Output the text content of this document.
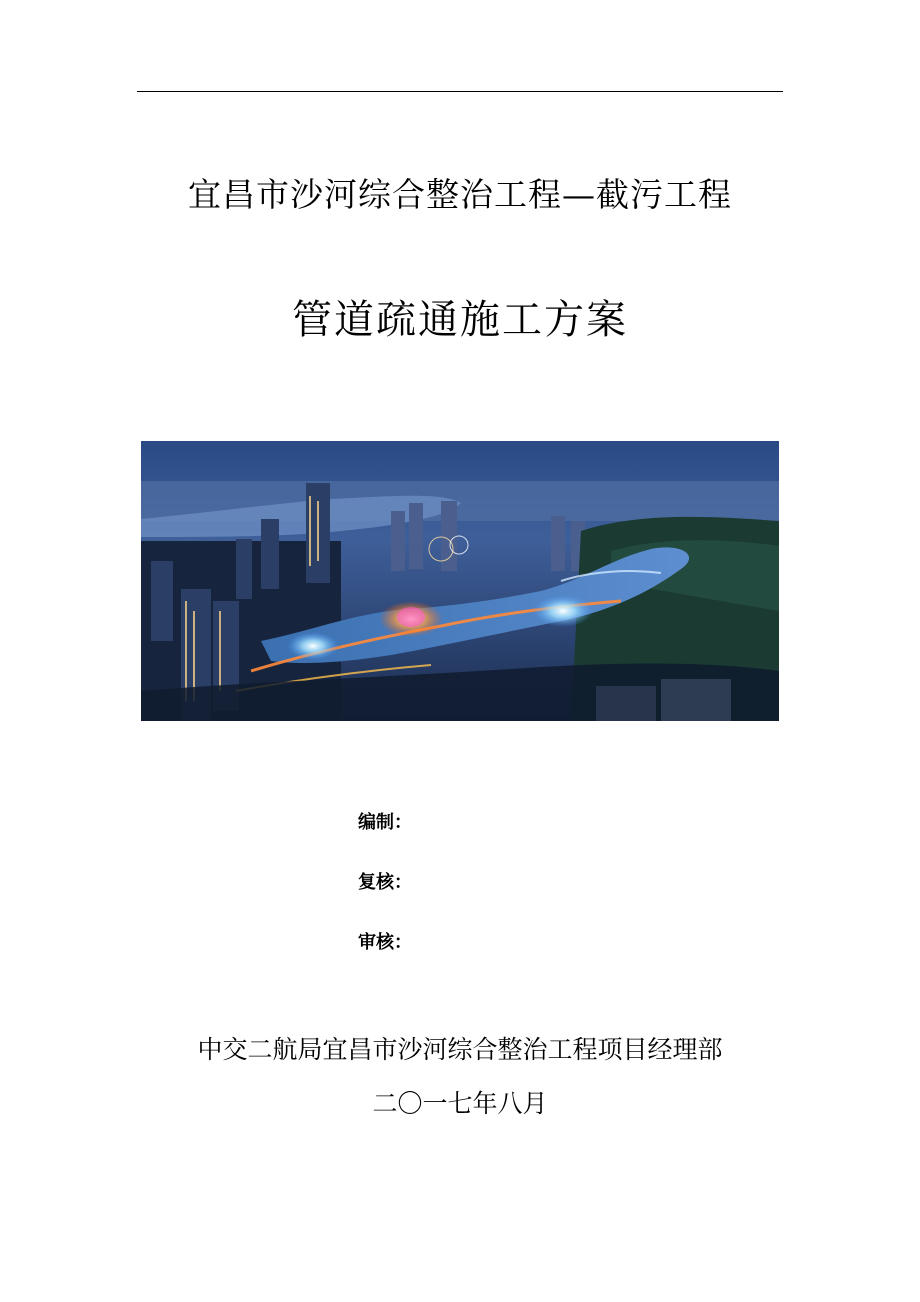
宜昌市沙河综合整治工程—截污工程
管道疏通施工方案
编制：
复核：
审核：
中交二航局宜昌市沙河综合整治工程项目经理部
二〇一七年八月
